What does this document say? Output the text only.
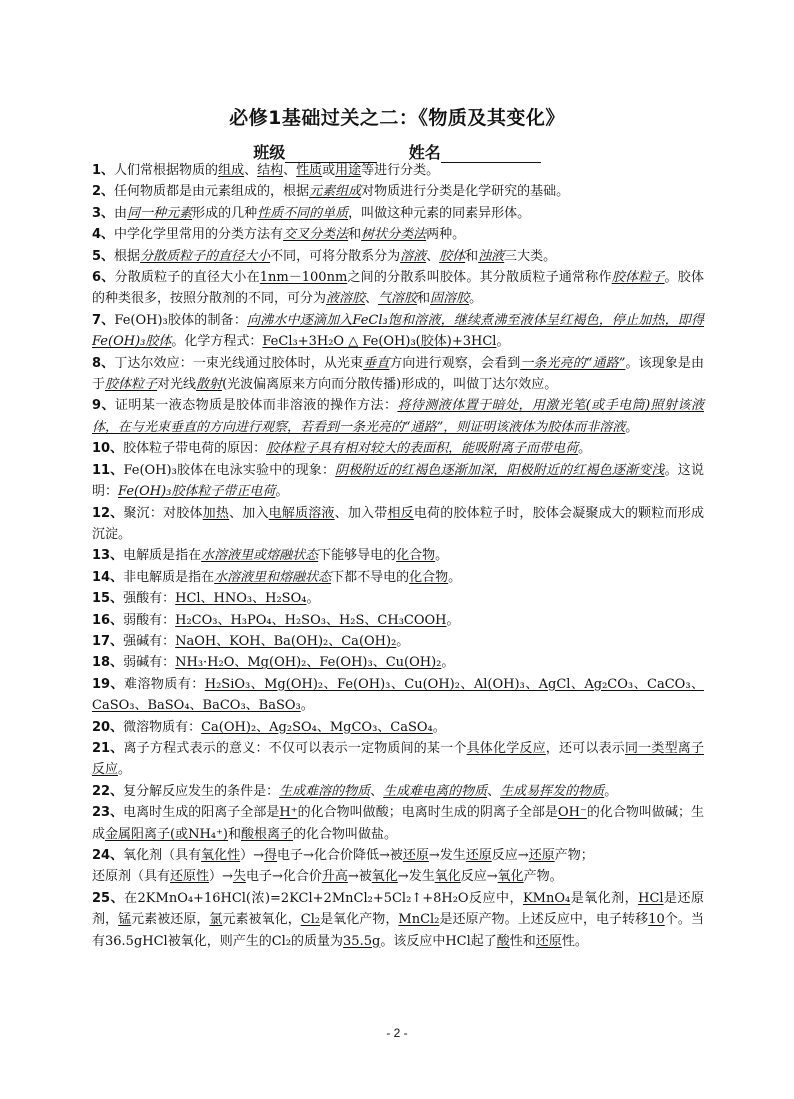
必修1基础过关之二：《物质及其变化》
班级	姓名

1、人们常根据物质的组成、结构、性质或用途等进行分类。

2、任何物质都是由元素组成的，根据元素组成对物质进行分类是化学研究的基础。

3、由同一种元素形成的几种性质不同的单质，叫做这种元素的同素异形体。

4、中学化学里常用的分类方法有交叉分类法和树状分类法两种。

5、根据分散质粒子的直径大小不同，可将分散系分为溶液、胶体和浊液三大类。

6、分散质粒子的直径大小在1nm－100nm之间的分散系叫胶体。其分散质粒子通常称作胶体粒子。胶体的种类很多，按照分散剂的不同，可分为液溶胶、气溶胶和固溶胶。

7、Fe(OH)₃胶体的制备：向沸水中逐滴加入FeCl₃饱和溶液，继续煮沸至液体呈红褐色，停止加热，即得Fe(OH)₃胶体。化学方程式：FeCl₃+3H₂O △ Fe(OH)₃(胶体)+3HCl。

8、丁达尔效应：一束光线通过胶体时，从光束垂直方向进行观察，会看到一条光亮的“通路”。该现象是由于胶体粒子对光线散射(光波偏离原来方向而分散传播)形成的，叫做丁达尔效应。

9、证明某一液态物质是胶体而非溶液的操作方法：将待测液体置于暗处，用激光笔(或手电筒)照射该液体，在与光束垂直的方向进行观察，若看到一条光亮的“通路”，则证明该液体为胶体而非溶液。

10、胶体粒子带电荷的原因：胶体粒子具有相对较大的表面积，能吸附离子而带电荷。

11、Fe(OH)₃胶体在电泳实验中的现象：阴极附近的红褐色逐渐加深，阳极附近的红褐色逐渐变浅。这说明：Fe(OH)₃胶体粒子带正电荷。

12、聚沉：对胶体加热、加入电解质溶液、加入带相反电荷的胶体粒子时，胶体会凝聚成大的颗粒而形成沉淀。

13、电解质是指在水溶液里或熔融状态下能够导电的化合物。

14、非电解质是指在水溶液里和熔融状态下都不导电的化合物。

15、强酸有：HCl、HNO₃、H₂SO₄。

16、弱酸有：H₂CO₃、H₃PO₄、H₂SO₃、H₂S、CH₃COOH。

17、强碱有：NaOH、KOH、Ba(OH)₂、Ca(OH)₂。

18、弱碱有：NH₃·H₂O、Mg(OH)₂、Fe(OH)₃、Cu(OH)₂。

19、难溶物质有：H₂SiO₃、Mg(OH)₂、Fe(OH)₃、Cu(OH)₂、Al(OH)₃、AgCl、Ag₂CO₃、CaCO₃、CaSO₃、BaSO₄、BaCO₃、BaSO₃。

20、微溶物质有：Ca(OH)₂、Ag₂SO₄、MgCO₃、CaSO₄。

21、离子方程式表示的意义：不仅可以表示一定物质间的某一个具体化学反应，还可以表示同一类型离子反应。

22、复分解反应发生的条件是：生成难溶的物质、生成难电离的物质、生成易挥发的物质。

23、电离时生成的阳离子全部是H⁺的化合物叫做酸；电离时生成的阴离子全部是OH⁻的化合物叫做碱；生成金属阳离子(或NH₄⁺)和酸根离子的化合物叫做盐。

24、氧化剂（具有氧化性）→得电子→化合价降低→被还原→发生还原反应→还原产物；

还原剂（具有还原性）→失电子→化合价升高→被氧化→发生氧化反应→氧化产物。

25、在2KMnO₄+16HCl(浓)=2KCl+2MnCl₂+5Cl₂↑+8H₂O反应中，KMnO₄是氧化剂，HCl是还原剂，锰元素被还原，氯元素被氧化，Cl₂是氧化产物，MnCl₂是还原产物。上述反应中，电子转移10个。当有36.5gHCl被氧化，则产生的Cl₂的质量为35.5g。该反应中HCl起了酸性和还原性。

- 2 -
